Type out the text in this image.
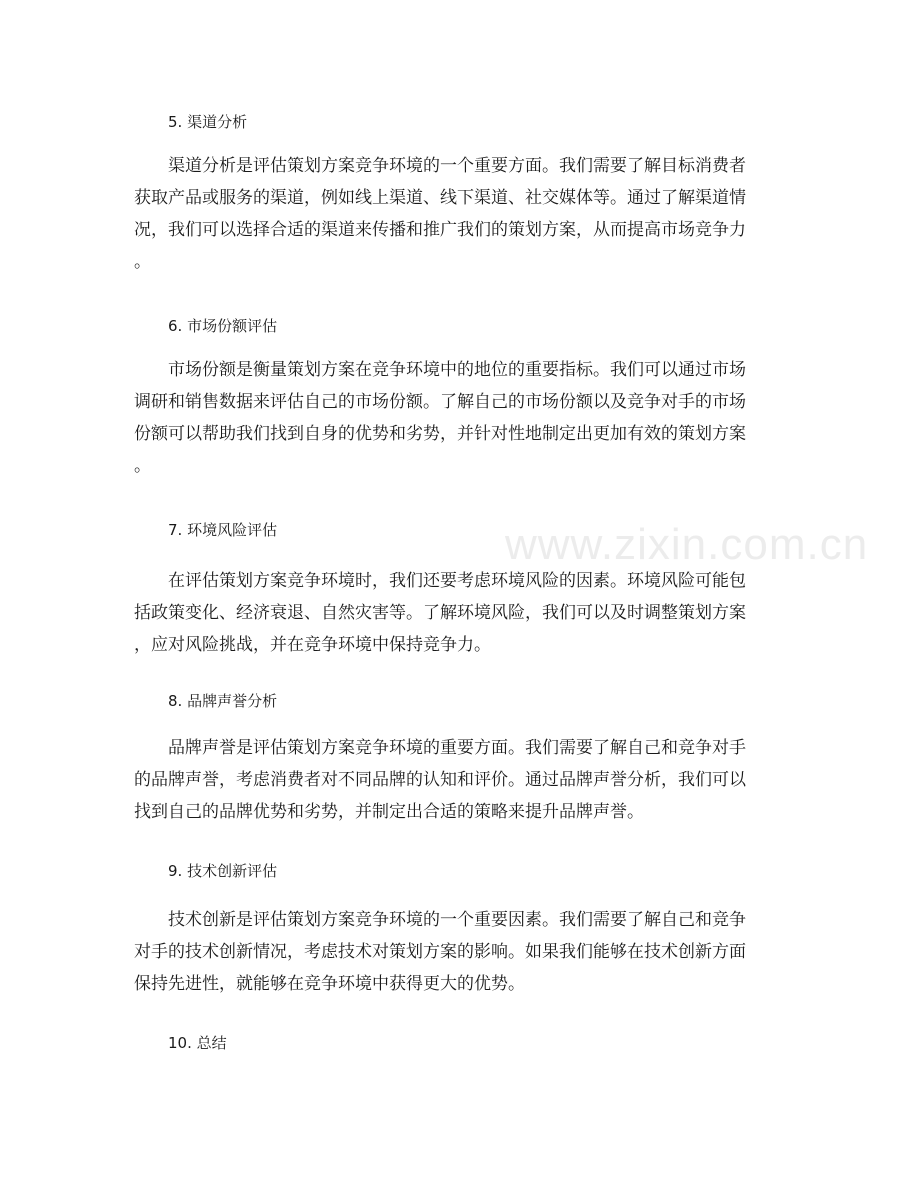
www.zixin.com.cn
5. 渠道分析
渠道分析是评估策划方案竞争环境的一个重要方面。我们需要了解目标消费者
获取产品或服务的渠道，例如线上渠道、线下渠道、社交媒体等。通过了解渠道情
况，我们可以选择合适的渠道来传播和推广我们的策划方案，从而提高市场竞争力
。
6. 市场份额评估
市场份额是衡量策划方案在竞争环境中的地位的重要指标。我们可以通过市场
调研和销售数据来评估自己的市场份额。了解自己的市场份额以及竞争对手的市场
份额可以帮助我们找到自身的优势和劣势，并针对性地制定出更加有效的策划方案
。
7. 环境风险评估
在评估策划方案竞争环境时，我们还要考虑环境风险的因素。环境风险可能包
括政策变化、经济衰退、自然灾害等。了解环境风险，我们可以及时调整策划方案
，应对风险挑战，并在竞争环境中保持竞争力。
8. 品牌声誉分析
品牌声誉是评估策划方案竞争环境的重要方面。我们需要了解自己和竞争对手
的品牌声誉，考虑消费者对不同品牌的认知和评价。通过品牌声誉分析，我们可以
找到自己的品牌优势和劣势，并制定出合适的策略来提升品牌声誉。
9. 技术创新评估
技术创新是评估策划方案竞争环境的一个重要因素。我们需要了解自己和竞争
对手的技术创新情况，考虑技术对策划方案的影响。如果我们能够在技术创新方面
保持先进性，就能够在竞争环境中获得更大的优势。
10. 总结
